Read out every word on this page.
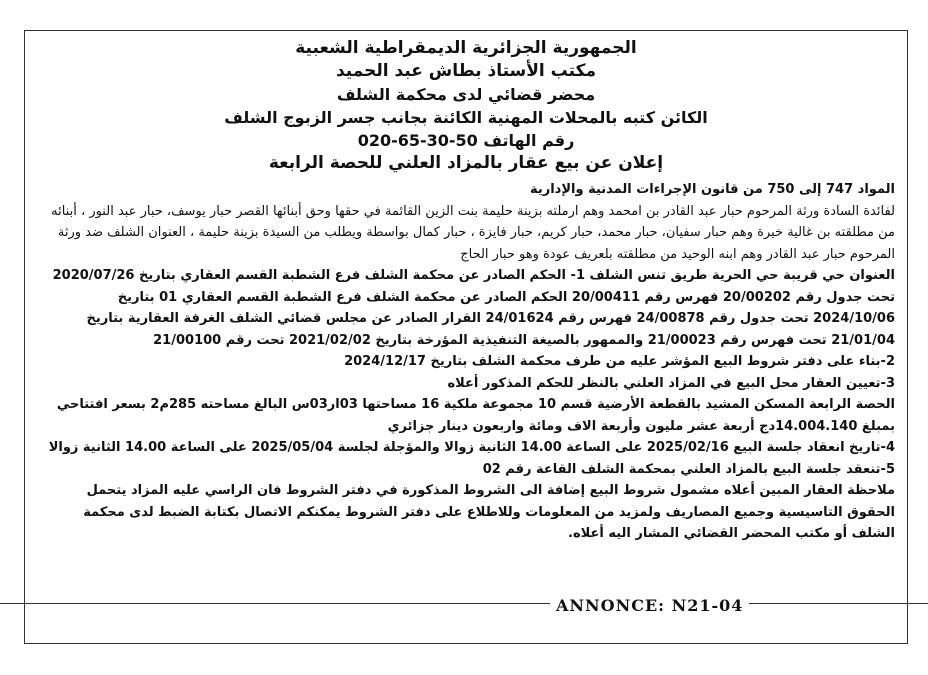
الجمهورية الجزائرية الديمقراطية الشعبية

مكتب الأستاذ بطاش عبد الحميد

محضر قضائي لدى محكمة الشلف

الكائن كتبه بالمحلات المهنية الكائنة بجانب جسر الزبوج الشلف

رقم الهاتف 50-30-65-020

إعلان عن بيع عقار بالمزاد العلني للحصة الرابعة

المواد 747 إلى 750 من قانون الإجراءات المدنية والإدارية

لفائدة السادة ورثة المرحوم حبار عبد القادر بن امحمد وهم ارملته بزينة حليمة بنت الزين القائمة في حقها وحق أبنائها القصر حبار يوسف، حبار عبد النور ، أبنائه من مطلقته بن غالية خيرة وهم حبار سفيان، حبار محمد، حبار كريم، حبار فايزة ، حبار كمال بواسطة ويطلب من السيدة بزينة حليمة ، العنوان الشلف ضد ورثة المرحوم حبار عبد القادر وهم ابنه الوحيد من مطلقته بلعريف عودة وهو حبار الحاج

العنوان حي قريبة حي الحرية طريق تنس الشلف 1- الحكم الصادر عن محكمة الشلف فرع الشطبة القسم العقاري بتاريخ 2020/07/26 تحت جدول رقم 20/00202 فهرس رقم 20/00411 الحكم الصادر عن محكمة الشلف فرع الشطبة القسم العقاري 01 بتاريخ 2024/10/06 تحت جدول رقم 24/00878 فهرس رقم 24/01624 القرار الصادر عن مجلس قضائي الشلف الغرفة العقارية بتاريخ 21/01/04 تحت فهرس رقم 21/00023 والممهور بالصيغة التنفيذية المؤرخة بتاريخ 2021/02/02 تحت رقم 21/00100

2-بناء على دفتر شروط البيع المؤشر عليه من طرف محكمة الشلف بتاريخ 2024/12/17

3-تعيين العقار محل البيع في المزاد العلني بالنظر للحكم المذكور أعلاه

الحصة الرابعة المسكن المشيد بالقطعة الأرضية قسم 10 مجموعة ملكية 16 مساحتها 03ار03س البالغ مساحته 285م2 بسعر افتتاحي بمبلغ 14.004.140دج أربعة عشر مليون وأربعة الاف ومائة واربعون دينار جزائري

4-تاريخ انعقاد جلسة البيع 2025/02/16 على الساعة 14.00 الثانية زوالا والمؤجلة لجلسة 2025/05/04 على الساعة 14.00 الثانية زوالا

5-تنعقد جلسة البيع بالمزاد العلني بمحكمة الشلف القاعة رقم 02

ملاحظة العقار المبين أعلاه مشمول شروط البيع إضافة الى الشروط المذكورة في دفتر الشروط فان الراسي عليه المزاد يتحمل الحقوق التاسيسية وجميع المصاريف ولمزيد من المعلومات وللاطلاع على دفتر الشروط يمكنكم الاتصال بكتابة الضبط لدى محكمة الشلف أو مكتب المحضر القضائي المشار اليه أعلاه.

ANNONCE: N21-04
